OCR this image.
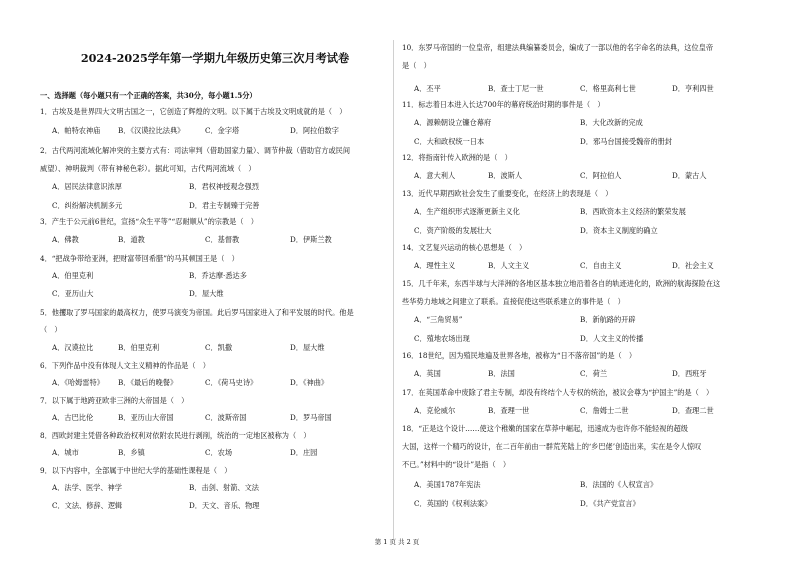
2024-2025学年第一学期九年级历史第三次月考试卷
一、选择题（每小题只有一个正确的答案，共30分，每小题1.5分）
1．古埃及是世界四大文明古国之一，它创造了辉煌的文明。以下属于古埃及文明成就的是（　）
A．帕特农神庙 B．《汉谟拉比法典》	C．金字塔	D．阿拉伯数字
2．古代两河流域化解冲突的主要方式有：司法审判（借助国家力量）、调节仲裁（借助官方或民间
威望）、神明裁判（带有神秘色彩）。据此可知，古代两河流域（　）
A．居民法律意识浓厚	B．君权神授观念强烈
C．纠纷解决机制多元	D．君主专制臻于完善
3．产生于公元前6世纪，宣扬“众生平等”“忍耐顺从”的宗教是（　）
A．佛教	B．道教	C．基督教	D．伊斯兰教
4．“把战争带给亚洲，把财富带回希腊”的马其顿国王是（　）
A．伯里克利	B．乔达摩·悉达多
C．亚历山大	D．屋大维
5．他攫取了罗马国家的最高权力，使罗马演变为帝国。此后罗马国家进入了和平发展的时代。他是
（　）
A．汉谟拉比	B．伯里克利	C．凯撒	D．屋大维
6．下列作品中没有体现人文主义精神的作品是（　）
A．《哈姆雷特》 B．《最后的晚餐》	C．《荷马史诗》	D．《神曲》
7．以下属于地跨亚欧非三洲的大帝国是（　）
A．古巴比伦	B．亚历山大帝国	C．波斯帝国	D．罗马帝国
8．西欧封建主凭借各种政治权利对依附农民进行剥削，统治的一定地区被称为（　）
A．城市	B．乡镇	C．农场	D．庄园
9．以下内容中，全部属于中世纪大学的基础性课程是（　）
A．法学、医学、神学	B．击剑、射箭、文法
C．文法、修辞、逻辑	D．天文、音乐、物理
10．东罗马帝国的一位皇帝，组建法典编纂委员会，编成了一部以他的名字命名的法典，这位皇帝
是（　）
A．丕平	B．查士丁尼一世	C．格里高利七世	D．亨利四世
11．标志着日本进入长达700年的幕府统治时期的事件是（　）
A．源赖朝设立镰仓幕府	B．大化改新的完成
C．大和政权统一日本	D．邪马台国接受魏帝的册封
12．将指南针传入欧洲的是（　）
A．意大利人	B．波斯人	C．阿拉伯人	D．蒙古人
13．近代早期西欧社会发生了重要变化，在经济上的表现是（　）
A．生产组织形式逐渐更新主义化	B．西欧资本主义经济的繁荣发展
C．资产阶级的发展壮大	D．资本主义制度的确立
14．文艺复兴运动的核心思想是（　）
A．理性主义	B．人文主义	C．自由主义	D．社会主义
15．几千年来，东西半球与大洋洲的各地区基本独立地沿着各自的轨迹进化的，欧洲的航海探险在这
些华势力地域之间建立了联系。直接促使这些联系建立的事件是（　）
A．“三角贸易”	B．新航路的开辟
C．殖地农场出现	D．人文主义的传播
16．18世纪，因为殖民地遍及世界各地，被称为“日不落帝国”的是（　）
A．英国	B．法国	C．荷兰	D．西班牙
17．在英国革命中废除了君主专制，却没有终结个人专权的统治，被议会尊为“护国主”的是（　）
A．克伦威尔	B．查理一世	C．詹姆士二世	D．查理二世
18．“正是这个设计……使这个稚嫩的国家在草莽中崛起，迅速成为也许你不能轻视的超级
大国，这样一个精巧的设计，在二百年前由一群荒芜陆上的‘乡巴佬’创造出来，实在是令人惊叹
不已。”材料中的“设计”是指（　）
A．美国1787年宪法	B．法国的《人权宣言》
C．英国的《权利法案》	D．《共产党宣言》
第 1 页 共 2 页
